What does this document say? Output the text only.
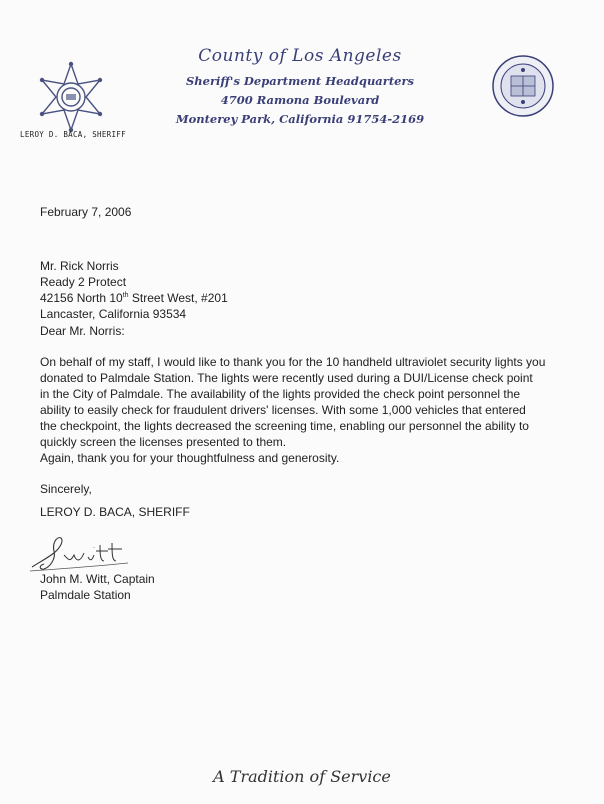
LEROY D. BACA, SHERIFF
County of Los Angeles
Sheriff's Department Headquarters
4700 Ramona Boulevard
Monterey Park, California 91754-2169
February 7, 2006
Mr. Rick Norris
Ready 2 Protect
42156 North 10th Street West, #201
Lancaster, California 93534
Dear Mr. Norris:
On behalf of my staff, I would like to thank you for the 10 handheld ultraviolet security lights you
donated to Palmdale Station. The lights were recently used during a DUI/License check point
in the City of Palmdale. The availability of the lights provided the check point personnel the
ability to easily check for fraudulent drivers' licenses. With some 1,000 vehicles that entered
the checkpoint, the lights decreased the screening time, enabling our personnel the ability to
quickly screen the licenses presented to them.
Again, thank you for your thoughtfulness and generosity.
Sincerely,
LEROY D. BACA, SHERIFF
John M. Witt, Captain
Palmdale Station
A Tradition of Service
